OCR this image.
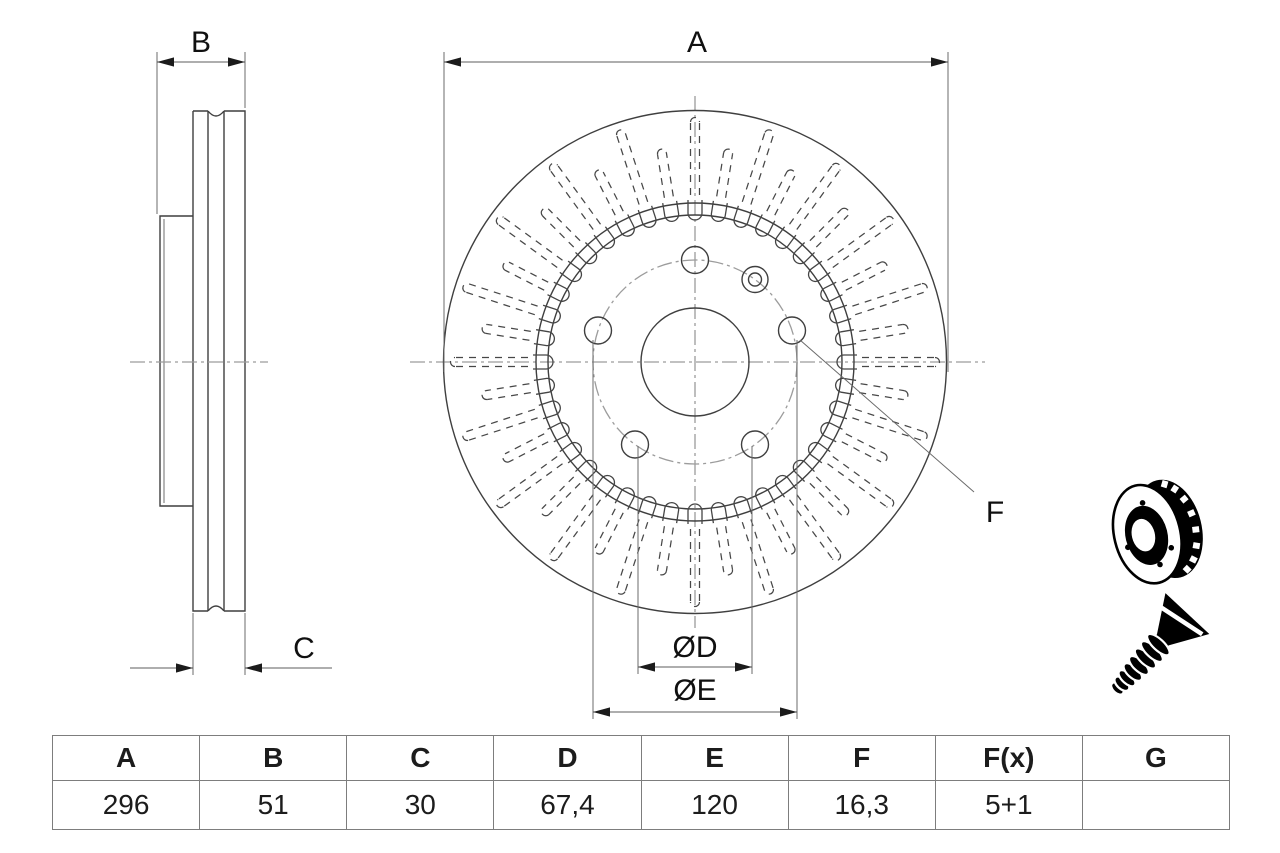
B
C
A
ØD
ØE
F
A	B	C	D	E	F	F(x)	G
296	51	30	67,4	120	16,3	5+1	
